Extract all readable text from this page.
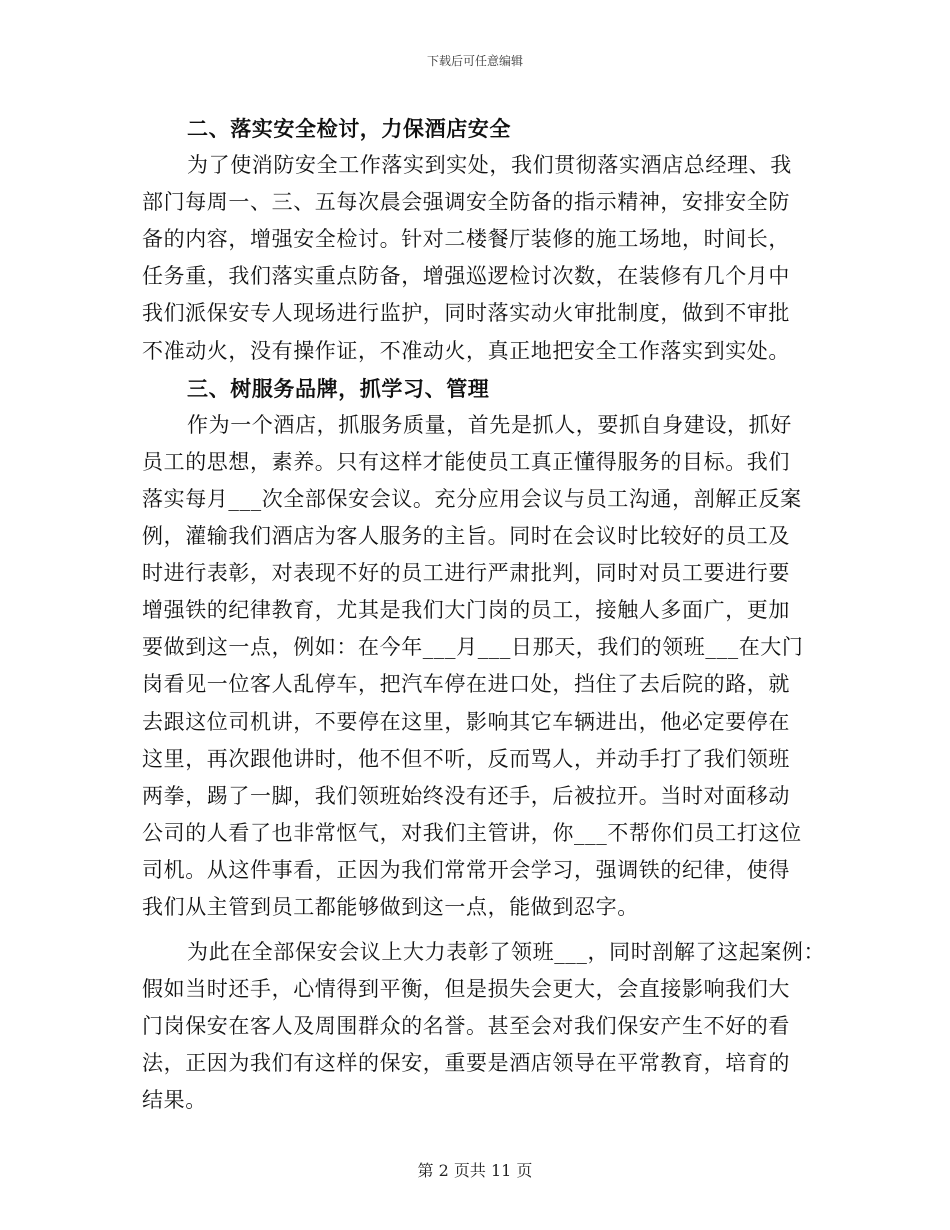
下载后可任意编辑
二、落实安全检讨，力保酒店安全
为了使消防安全工作落实到实处，我们贯彻落实酒店总经理、我
部门每周一、三、五每次晨会强调安全防备的指示精神，安排安全防
备的内容，增强安全检讨。针对二楼餐厅装修的施工场地，时间长，
任务重，我们落实重点防备，增强巡逻检讨次数，在装修有几个月中
我们派保安专人现场进行监护，同时落实动火审批制度，做到不审批
不准动火，没有操作证，不准动火，真正地把安全工作落实到实处。
三、树服务品牌，抓学习、管理
作为一个酒店，抓服务质量，首先是抓人，要抓自身建设，抓好
员工的思想，素养。只有这样才能使员工真正懂得服务的目标。我们
落实每月___次全部保安会议。充分应用会议与员工沟通，剖解正反案
例，灌输我们酒店为客人服务的主旨。同时在会议时比较好的员工及
时进行表彰，对表现不好的员工进行严肃批判，同时对员工要进行要
增强铁的纪律教育，尤其是我们大门岗的员工，接触人多面广，更加
要做到这一点，例如：在今年___月___日那天，我们的领班___在大门
岗看见一位客人乱停车，把汽车停在进口处，挡住了去后院的路，就
去跟这位司机讲，不要停在这里，影响其它车辆进出，他必定要停在
这里，再次跟他讲时，他不但不听，反而骂人，并动手打了我们领班
两拳，踢了一脚，我们领班始终没有还手，后被拉开。当时对面移动
公司的人看了也非常怄气，对我们主管讲，你___不帮你们员工打这位
司机。从这件事看，正因为我们常常开会学习，强调铁的纪律，使得
我们从主管到员工都能够做到这一点，能做到忍字。
为此在全部保安会议上大力表彰了领班___，同时剖解了这起案例：
假如当时还手，心情得到平衡，但是损失会更大，会直接影响我们大
门岗保安在客人及周围群众的名誉。甚至会对我们保安产生不好的看
法，正因为我们有这样的保安，重要是酒店领导在平常教育，培育的
结果。
第 2 页共 11 页
